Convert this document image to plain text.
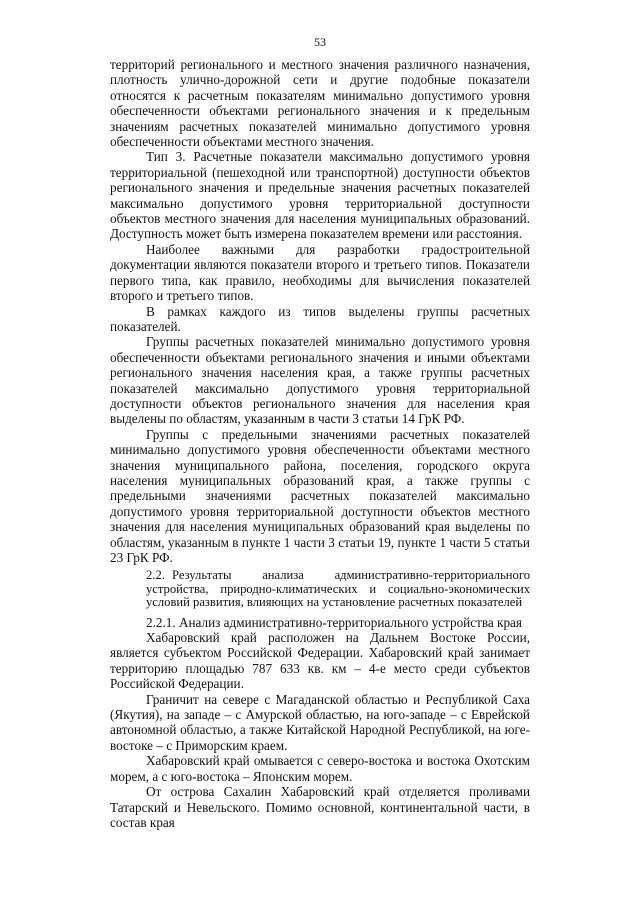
53

территорий регионального и местного значения различного назначения, плотность улично-дорожной сети и другие подобные показатели относятся к расчетным показателям минимально допустимого уровня обеспеченности объектами регионального значения и к предельным значениям расчетных показателей минимально допустимого уровня обеспеченности объектами местного значения.

Тип 3. Расчетные показатели максимально допустимого уровня территориальной (пешеходной или транспортной) доступности объектов регионального значения и предельные значения расчетных показателей максимально допустимого уровня территориальной доступности объектов местного значения для населения муниципальных образований. Доступность может быть измерена показателем времени или расстояния.

Наиболее важными для разработки градостроительной документации являются показатели второго и третьего типов. Показатели первого типа, как правило, необходимы для вычисления показателей второго и третьего типов.

В рамках каждого из типов выделены группы расчетных показателей.

Группы расчетных показателей минимально допустимого уровня обеспеченности объектами регионального значения и иными объектами регионального значения населения края, а также группы расчетных показателей максимально допустимого уровня территориальной доступности объектов регионального значения для населения края выделены по областям, указанным в части 3 статьи 14 ГрК РФ.

Группы с предельными значениями расчетных показателей минимально допустимого уровня обеспеченности объектами местного значения муниципального района, поселения, городского округа населения муниципальных образований края, а также группы с предельными значениями расчетных показателей максимально допустимого уровня территориальной доступности объектов местного значения для населения муниципальных образований края выделены по областям, указанным в пункте 1 части 3 статьи 19, пункте 1 части 5 статьи 23 ГрК РФ.

2.2. Результаты анализа административно-территориального устройства, природно-климатических и социально-экономических условий развития, влияющих на установление расчетных показателей

2.2.1. Анализ административно-территориального устройства края

Хабаровский край расположен на Дальнем Востоке России, является субъектом Российской Федерации. Хабаровский край занимает территорию площадью 787 633 кв. км – 4-е место среди субъектов Российской Федерации.

Граничит на севере с Магаданской областью и Республикой Саха (Якутия), на западе – с Амурской областью, на юго-западе – с Еврейской автономной областью, а также Китайской Народной Республикой, на юге-востоке – с Приморским краем.

Хабаровский край омывается с северо-востока и востока Охотским морем, а с юго-востока – Японским морем.

От острова Сахалин Хабаровский край отделяется проливами Татарский и Невельского. Помимо основной, континентальной части, в состав края
